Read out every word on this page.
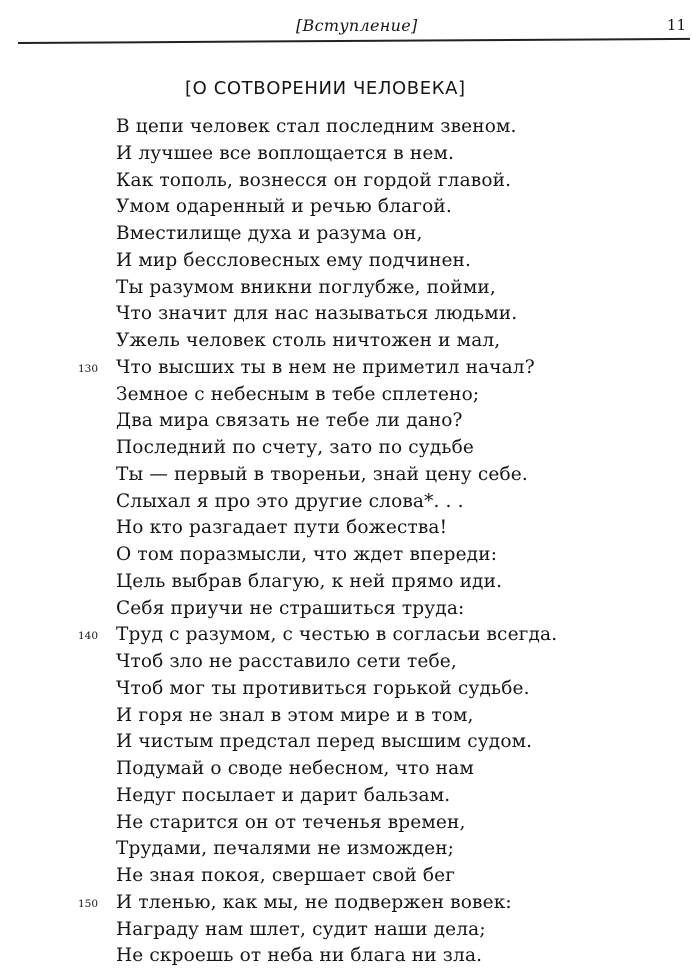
[Вступление]	11
[О СОТВОРЕНИИ ЧЕЛОВЕКА]
В цепи человек стал последним звеном.
И лучшее все воплощается в нем.
Как тополь, вознесся он гордой главой.
Умом одаренный и речью благой.
Вместилище духа и разума он,
И мир бессловесных ему подчинен.
Ты разумом вникни поглубже, пойми,
Что значит для нас называться людьми.
Ужель человек столь ничтожен и мал,
130 Что высших ты в нем не приметил начал?
Земное с небесным в тебе сплетено;
Два мира связать не тебе ли дано?
Последний по счету, зато по судьбе
Ты — первый в твореньи, знай цену себе.
Слыхал я про это другие слова*. . .
Но кто разгадает пути божества!
О том поразмысли, что ждет впереди:
Цель выбрав благую, к ней прямо иди.
Себя приучи не страшиться труда:
140 Труд с разумом, с честью в согласьи всегда.
Чтоб зло не расставило сети тебе,
Чтоб мог ты противиться горькой судьбе.
И горя не знал в этом мире и в том,
И чистым предстал перед высшим судом.
Подумай о своде небесном, что нам
Недуг посылает и дарит бальзам.
Не старится он от теченья времен,
Трудами, печалями не изможден;
Не зная покоя, свершает свой бег
150 И тленью, как мы, не подвержен вовек:
Награду нам шлет, судит наши дела;
Не скроешь от неба ни блага ни зла.
